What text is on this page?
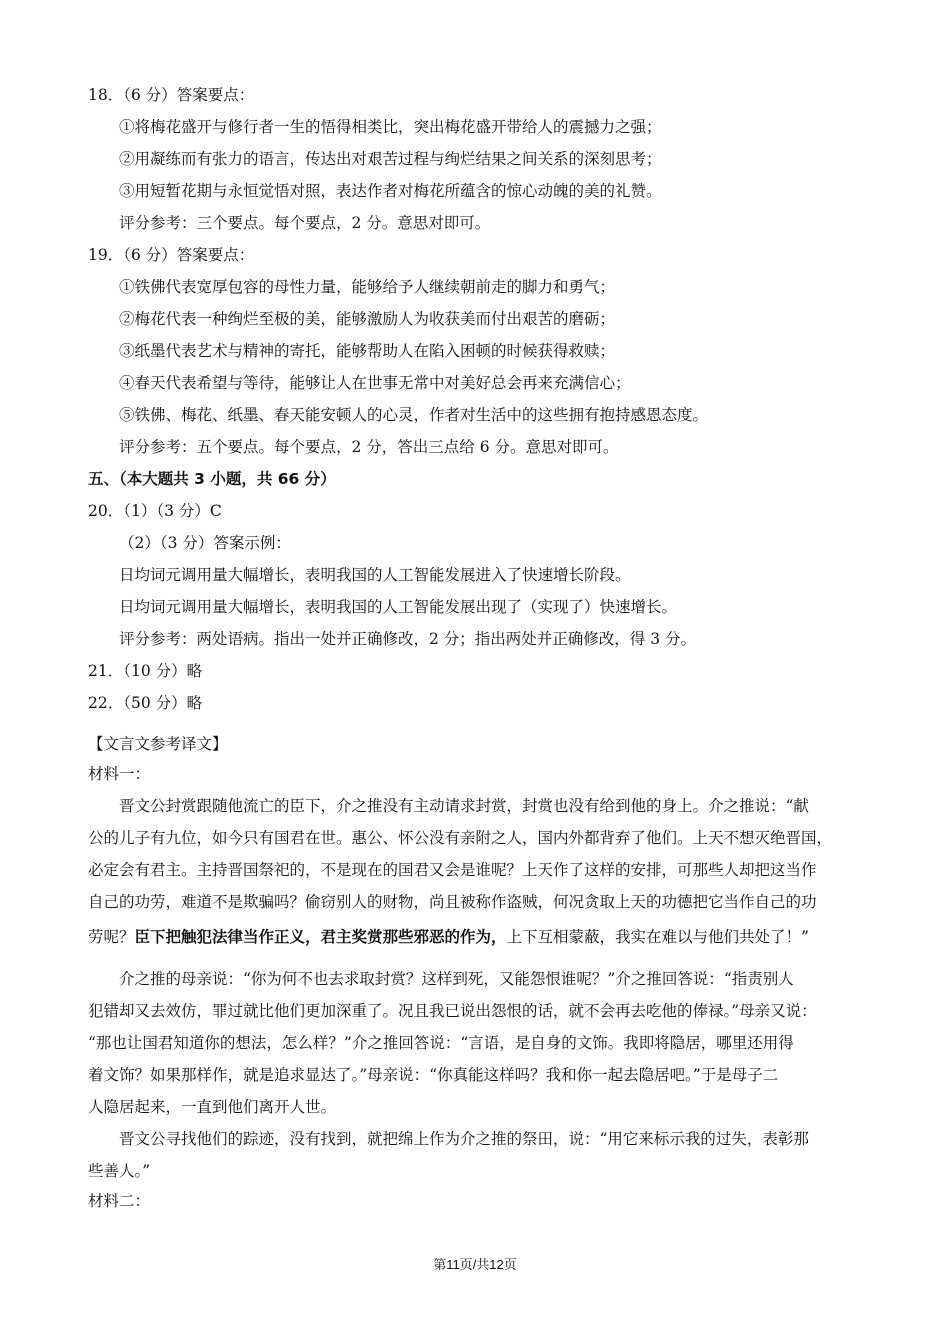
18．（6 分）答案要点：
①将梅花盛开与修行者一生的悟得相类比，突出梅花盛开带给人的震撼力之强；
②用凝练而有张力的语言，传达出对艰苦过程与绚烂结果之间关系的深刻思考；
③用短暂花期与永恒觉悟对照，表达作者对梅花所蕴含的惊心动魄的美的礼赞。
评分参考：三个要点。每个要点，2 分。意思对即可。
19．（6 分）答案要点：
①铁佛代表宽厚包容的母性力量，能够给予人继续朝前走的脚力和勇气；
②梅花代表一种绚烂至极的美，能够激励人为收获美而付出艰苦的磨砺；
③纸墨代表艺术与精神的寄托，能够帮助人在陷入困顿的时候获得救赎；
④春天代表希望与等待，能够让人在世事无常中对美好总会再来充满信心；
⑤铁佛、梅花、纸墨、春天能安顿人的心灵，作者对生活中的这些拥有抱持感恩态度。
评分参考：五个要点。每个要点，2 分，答出三点给 6 分。意思对即可。
五、（本大题共 3 小题，共 66 分）
20．（1）（3 分）C
（2）（3 分）答案示例：
日均词元调用量大幅增长，表明我国的人工智能发展进入了快速增长阶段。
日均词元调用量大幅增长，表明我国的人工智能发展出现了（实现了）快速增长。
评分参考：两处语病。指出一处并正确修改，2 分；指出两处并正确修改，得 3 分。
21．（10 分）略
22．（50 分）略
【文言文参考译文】
材料一：
晋文公封赏跟随他流亡的臣下，介之推没有主动请求封赏，封赏也没有给到他的身上。介之推说：“献
公的儿子有九位，如今只有国君在世。惠公、怀公没有亲附之人，国内外都背弃了他们。上天不想灭绝晋国，
必定会有君主。主持晋国祭祀的，不是现在的国君又会是谁呢？上天作了这样的安排，可那些人却把这当作
自己的功劳，难道不是欺骗吗？偷窃别人的财物，尚且被称作盗贼，何况贪取上天的功德把它当作自己的功
劳呢？臣下把触犯法律当作正义，君主奖赏那些邪恶的作为，上下互相蒙蔽，我实在难以与他们共处了！”
介之推的母亲说：“你为何不也去求取封赏？这样到死，又能怨恨谁呢？”介之推回答说：“指责别人
犯错却又去效仿，罪过就比他们更加深重了。况且我已说出怨恨的话，就不会再去吃他的俸禄。”母亲又说：
“那也让国君知道你的想法，怎么样？”介之推回答说：“言语，是自身的文饰。我即将隐居，哪里还用得
着文饰？如果那样作，就是追求显达了。”母亲说：“你真能这样吗？我和你一起去隐居吧。”于是母子二
人隐居起来，一直到他们离开人世。
晋文公寻找他们的踪迹，没有找到，就把绵上作为介之推的祭田，说：“用它来标示我的过失，表彰那
些善人。”
材料二：
第11页/共12页
